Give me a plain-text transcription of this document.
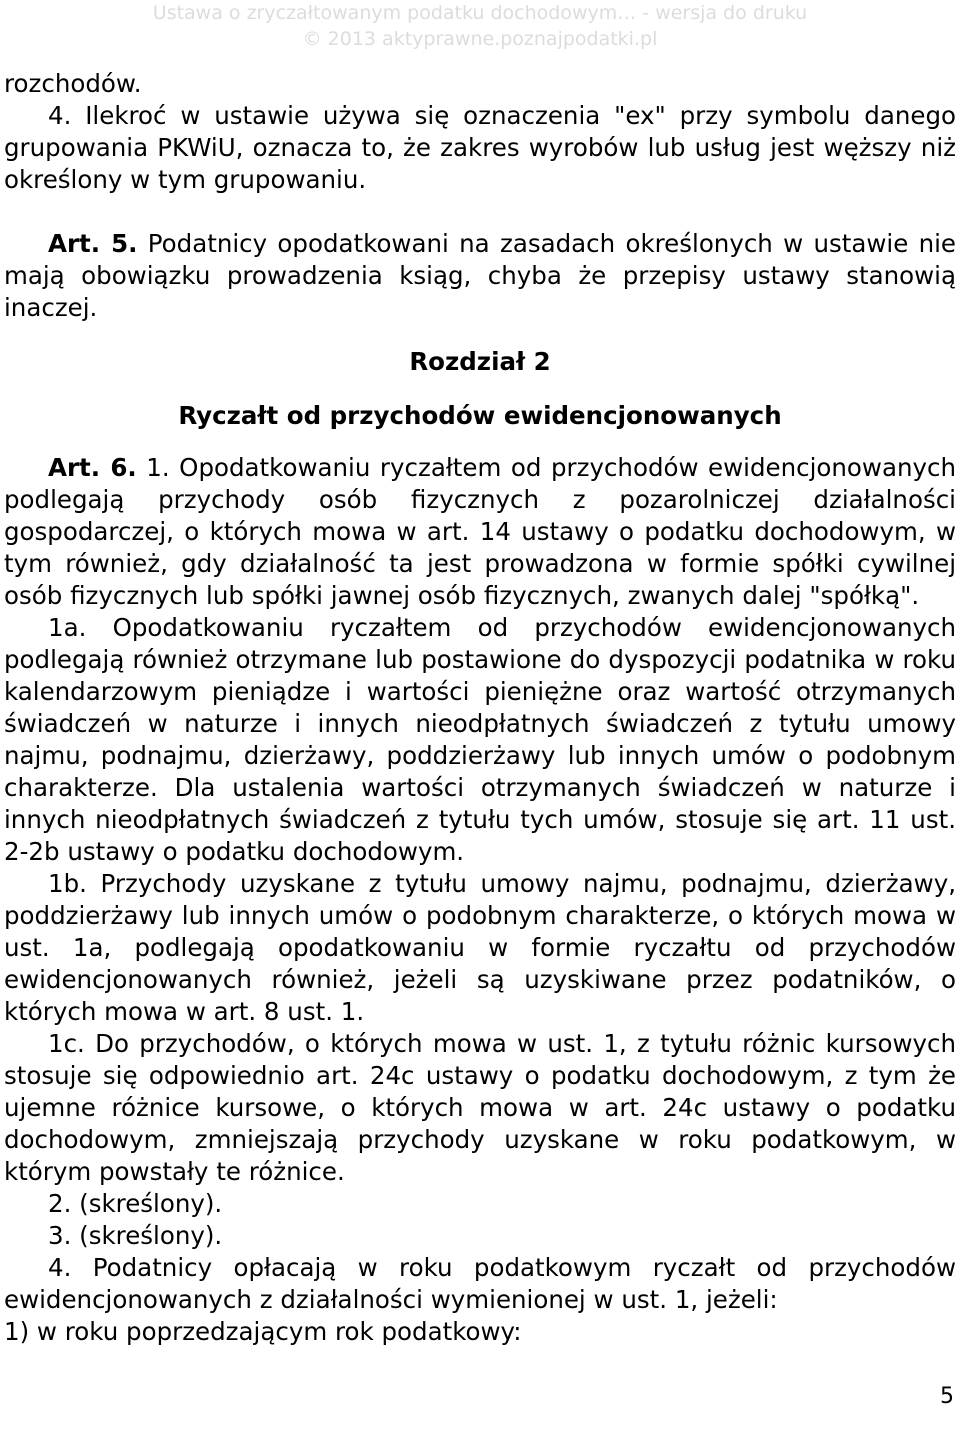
Ustawa o zryczałtowanym podatku dochodowym… - wersja do druku
© 2013 aktyprawne.poznajpodatki.pl

rozchodów.

4. Ilekroć w ustawie używa się oznaczenia "ex" przy symbolu danego grupowania PKWiU, oznacza to, że zakres wyrobów lub usług jest węższy niż określony w tym grupowaniu.

Art. 5. Podatnicy opodatkowani na zasadach określonych w ustawie nie mają obowiązku prowadzenia ksiąg, chyba że przepisy ustawy stanowią inaczej.

Rozdział 2

Ryczałt od przychodów ewidencjonowanych

Art. 6. 1. Opodatkowaniu ryczałtem od przychodów ewidencjonowanych podlegają przychody osób fizycznych z pozarolniczej działalności gospodarczej, o których mowa w art. 14 ustawy o podatku dochodowym, w tym również, gdy działalność ta jest prowadzona w formie spółki cywilnej osób fizycznych lub spółki jawnej osób fizycznych, zwanych dalej "spółką".

1a. Opodatkowaniu ryczałtem od przychodów ewidencjonowanych podlegają również otrzymane lub postawione do dyspozycji podatnika w roku kalendarzowym pieniądze i wartości pieniężne oraz wartość otrzymanych świadczeń w naturze i innych nieodpłatnych świadczeń z tytułu umowy najmu, podnajmu, dzierżawy, poddzierżawy lub innych umów o podobnym charakterze. Dla ustalenia wartości otrzymanych świadczeń w naturze i innych nieodpłatnych świadczeń z tytułu tych umów, stosuje się art. 11 ust. 2-2b ustawy o podatku dochodowym.

1b. Przychody uzyskane z tytułu umowy najmu, podnajmu, dzierżawy, poddzierżawy lub innych umów o podobnym charakterze, o których mowa w ust. 1a, podlegają opodatkowaniu w formie ryczałtu od przychodów ewidencjonowanych również, jeżeli są uzyskiwane przez podatników, o których mowa w art. 8 ust. 1.

1c. Do przychodów, o których mowa w ust. 1, z tytułu różnic kursowych stosuje się odpowiednio art. 24c ustawy o podatku dochodowym, z tym że ujemne różnice kursowe, o których mowa w art. 24c ustawy o podatku dochodowym, zmniejszają przychody uzyskane w roku podatkowym, w którym powstały te różnice.

2. (skreślony).

3. (skreślony).

4. Podatnicy opłacają w roku podatkowym ryczałt od przychodów ewidencjonowanych z działalności wymienionej w ust. 1, jeżeli:

1) w roku poprzedzającym rok podatkowy:

5
